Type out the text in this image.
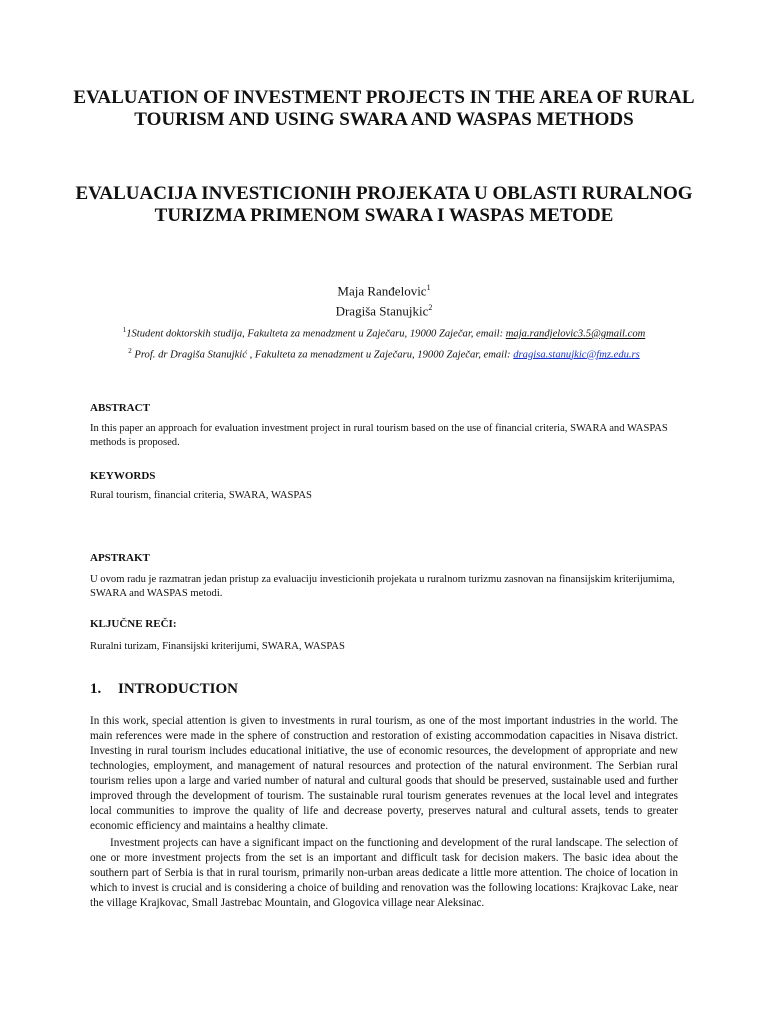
EVALUATION OF INVESTMENT PROJECTS IN THE AREA OF RURAL TOURISM AND USING SWARA AND WASPAS METHODS
EVALUACIJA INVESTICIONIH PROJEKATA U OBLASTI RURALNOG TURIZMA PRIMENOM SWARA I WASPAS METODE
Maja Ranđelovic$^1$
Dragiša Stanujkic$^2$
$^1$1Student doktorskih studija, Fakulteta za menadzment u Zaječaru, 19000 Zaječar, email: maja.randjelovic3.5@gmail.com
$^2$ Prof. dr Dragiša Stanujkić , Fakulteta za menadzment u Zaječaru, 19000 Zaječar, email: dragisa.stanujkic@fmz.edu.rs
ABSTRACT

In this paper an approach for evaluation investment project in rural tourism based on the use of financial criteria, SWARA and WASPAS methods is proposed.

KEYWORDS

Rural tourism, financial criteria, SWARA, WASPAS

APSTRAKT

U ovom radu je razmatran jedan pristup za evaluaciju investicionih projekata u ruralnom turizmu zasnovan na finansijskim kriterijumima, SWARA and WASPAS metodi.

KLJUČNE REČI:

Ruralni turizam, Finansijski kriterijumi, SWARA, WASPAS

1. INTRODUCTION

In this work, special attention is given to investments in rural tourism, as one of the most important industries in the world. The main references were made in the sphere of construction and restoration of existing accommodation capacities in Nisava district. Investing in rural tourism includes educational initiative, the use of economic resources, the development of appropriate and new technologies, employment, and management of natural resources and protection of the natural environment. The Serbian rural tourism relies upon a large and varied number of natural and cultural goods that should be preserved, sustainable used and further improved through the development of tourism. The sustainable rural tourism generates revenues at the local level and integrates local communities to improve the quality of life and decrease poverty, preserves natural and cultural assets, tends to greater economic efficiency and maintains a healthy climate.

Investment projects can have a significant impact on the functioning and development of the rural landscape. The selection of one or more investment projects from the set is an important and difficult task for decision makers. The basic idea about the southern part of Serbia is that in rural tourism, primarily non-urban areas dedicate a little more attention. The choice of location in which to invest is crucial and is considering a choice of building and renovation was the following locations: Krajkovac Lake, near the village Krajkovac, Small Jastrebac Mountain, and Glogovica village near Aleksinac.
